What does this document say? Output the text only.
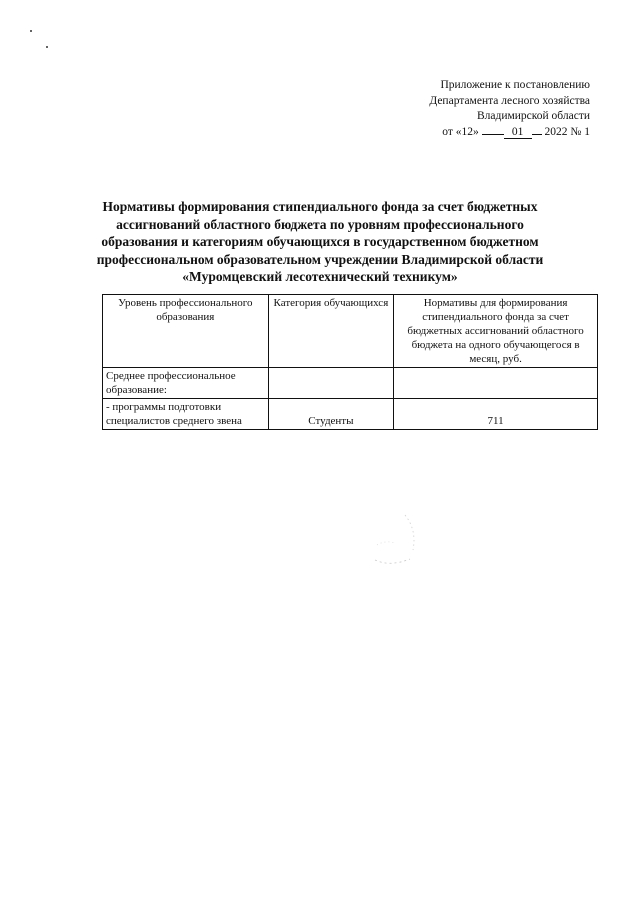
Приложение к постановлению
Департамента лесного хозяйства
Владимирской области
от «12»	01 2022 № 1
Нормативы формирования стипендиального фонда за счет бюджетных
ассигнований областного бюджета по уровням профессионального
образования и категориям обучающихся в государственном бюджетном
профессиональном образовательном учреждении Владимирской области
«Муромцевский лесотехнический техникум»
Уровень профессионального образования	Категория обучающихся	Нормативы для формирования стипендиального фонда за счет бюджетных ассигнований областного бюджета на одного обучающегося в месяц, руб.
Среднее профессиональное образование:		
- программы подготовки специалистов среднего звена	Студенты	711
